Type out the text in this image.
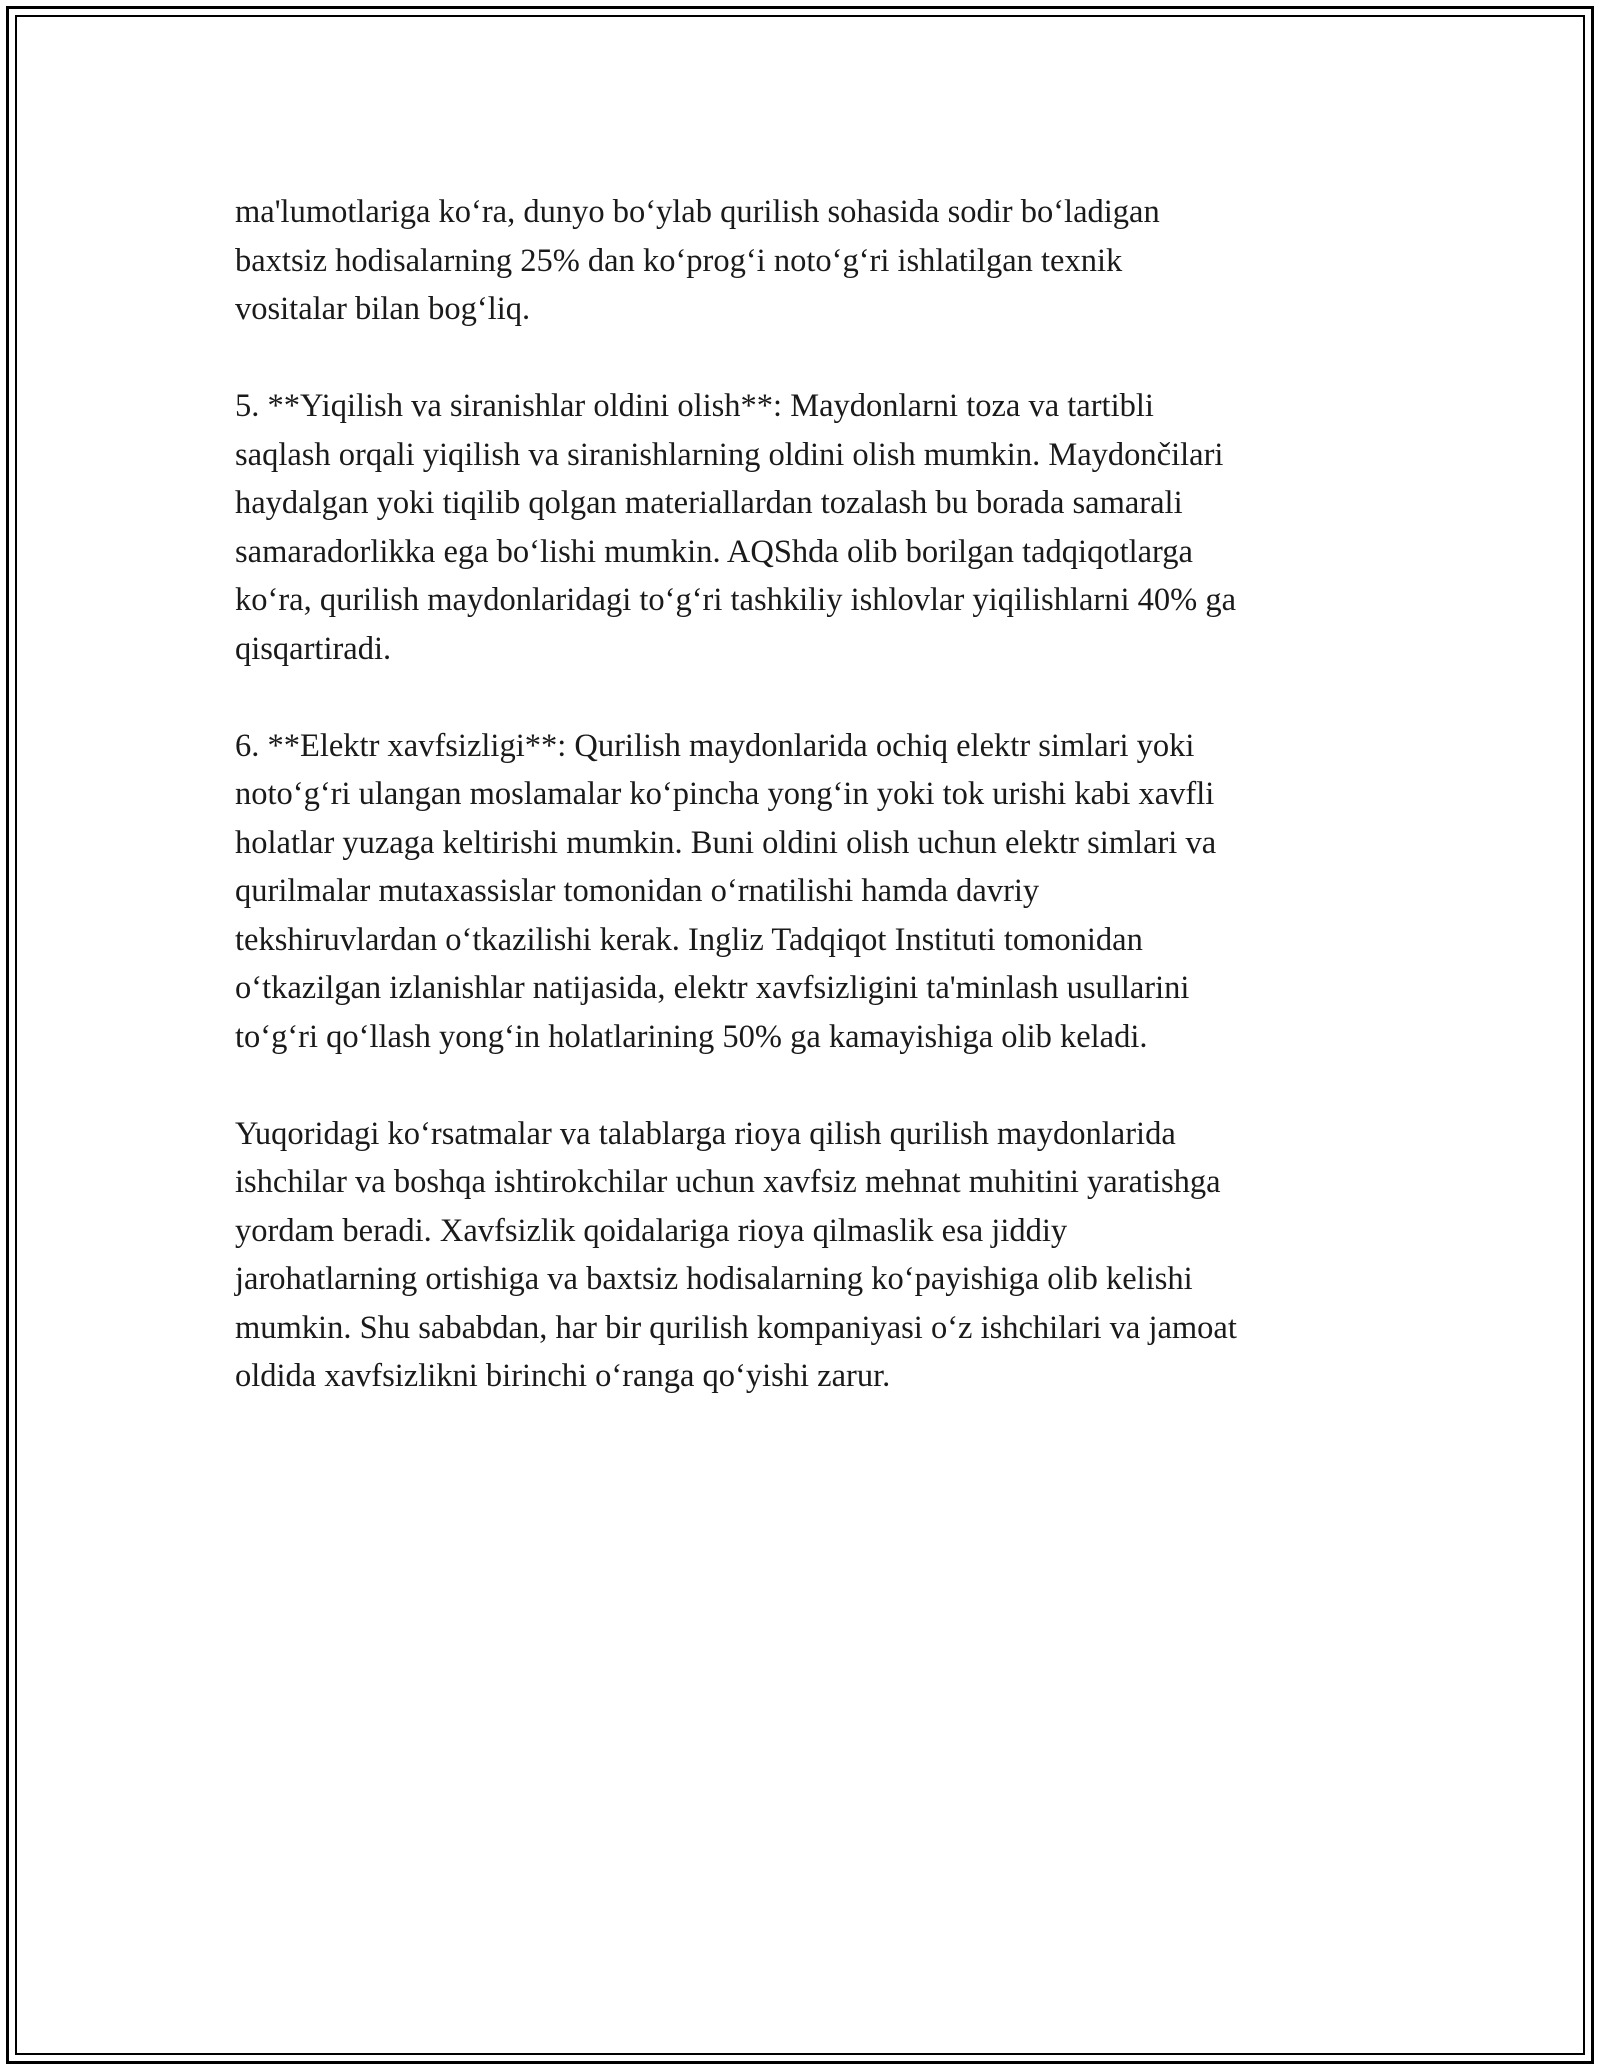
ma'lumotlariga ko‘ra, dunyo bo‘ylab qurilish sohasida sodir bo‘ladigan
baxtsiz hodisalarning 25% dan ko‘prog‘i noto‘g‘ri ishlatilgan texnik
vositalar bilan bog‘liq.

5. **Yiqilish va siranishlar oldini olish**: Maydonlarni toza va tartibli
saqlash orqali yiqilish va siranishlarning oldini olish mumkin. Maydončilari
haydalgan yoki tiqilib qolgan materiallardan tozalash bu borada samarali
samaradorlikka ega bo‘lishi mumkin. AQShda olib borilgan tadqiqotlarga
ko‘ra, qurilish maydonlaridagi to‘g‘ri tashkiliy ishlovlar yiqilishlarni 40% ga
qisqartiradi.

6. **Elektr xavfsizligi**: Qurilish maydonlarida ochiq elektr simlari yoki
noto‘g‘ri ulangan moslamalar ko‘pincha yong‘in yoki tok urishi kabi xavfli
holatlar yuzaga keltirishi mumkin. Buni oldini olish uchun elektr simlari va
qurilmalar mutaxassislar tomonidan o‘rnatilishi hamda davriy
tekshiruvlardan o‘tkazilishi kerak. Ingliz Tadqiqot Instituti tomonidan
o‘tkazilgan izlanishlar natijasida, elektr xavfsizligini ta'minlash usullarini
to‘g‘ri qo‘llash yong‘in holatlarining 50% ga kamayishiga olib keladi.

Yuqoridagi ko‘rsatmalar va talablarga rioya qilish qurilish maydonlarida
ishchilar va boshqa ishtirokchilar uchun xavfsiz mehnat muhitini yaratishga
yordam beradi. Xavfsizlik qoidalariga rioya qilmaslik esa jiddiy
jarohatlarning ortishiga va baxtsiz hodisalarning ko‘payishiga olib kelishi
mumkin. Shu sababdan, har bir qurilish kompaniyasi o‘z ishchilari va jamoat
oldida xavfsizlikni birinchi o‘ranga qo‘yishi zarur.
